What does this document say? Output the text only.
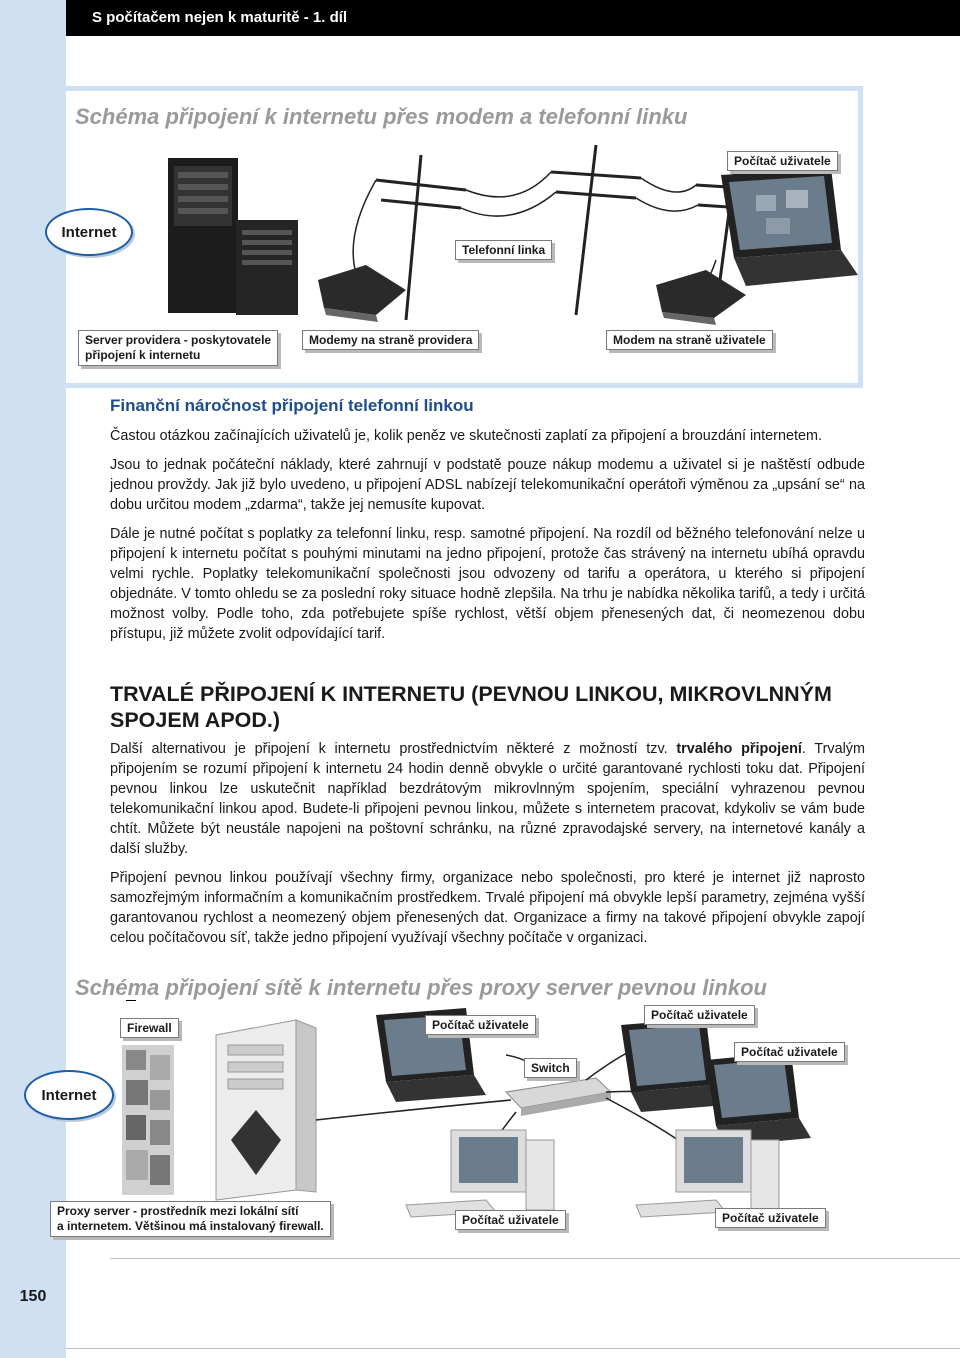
S počítačem nejen k maturitě - 1. díl
Schéma připojení k internetu přes modem a telefonní linku
Počítač uživatele
Internet
Telefonní linka
Server providera - poskytovatele
připojení k internetu
Modemy na straně providera	Modem na straně uživatele
Finanční náročnost připojení telefonní linkou

Častou otázkou začínajících uživatelů je, kolik peněz ve skutečnosti zaplatí za připojení a brouzdání internetem.

Jsou to jednak počáteční náklady, které zahrnují v podstatě pouze nákup modemu a uživatel si je naštěstí odbude jednou provždy. Jak již bylo uvedeno, u připojení ADSL nabízejí telekomunikační operátoři výměnou za „upsání se“ na dobu určitou modem „zdarma“, takže jej nemusíte kupovat.

Dále je nutné počítat s poplatky za telefonní linku, resp. samotné připojení. Na rozdíl od běžného telefonování nelze u připojení k internetu počítat s pouhými minutami na jedno připojení, protože čas strávený na internetu ubíhá opravdu velmi rychle. Poplatky telekomunikační společnosti jsou odvozeny od tarifu a operátora, u kterého si připojení objednáte. V tomto ohledu se za poslední roky situace hodně zlepšila. Na trhu je nabídka několika tarifů, a tedy i určitá možnost volby. Podle toho, zda potřebujete spíše rychlost, větší objem přenesených dat, či neomezenou dobu přístupu, již můžete zvolit odpovídající tarif.

TRVALÉ PŘIPOJENÍ K INTERNETU (PEVNOU LINKOU, MIKROVLNNÝM
SPOJEM APOD.)

Další alternativou je připojení k internetu prostřednictvím některé z možností tzv. trvalého připojení. Trvalým připojením se rozumí připojení k internetu 24 hodin denně obvykle o určité garantované rychlosti toku dat. Připojení pevnou linkou lze uskutečnit například bezdrátovým mikrovlnným spojením, speciální vyhrazenou pevnou telekomunikační linkou apod. Budete-li připojeni pevnou linkou, můžete s internetem pracovat, kdykoliv se vám bude chtít. Můžete být neustále napojeni na poštovní schránku, na různé zpravodajské servery, na internetové kanály a další služby.

Připojení pevnou linkou používají všechny firmy, organizace nebo společnosti, pro které je internet již naprosto samozřejmým informačním a komunikačním prostředkem. Trvalé připojení má obvykle lepší parametry, zejména vyšší garantovanou rychlost a neomezený objem přenesených dat. Organizace a firmy na takové připojení obvykle zapojí celou počítačovou síť, takže jedno připojení využívají všechny počítače v organizaci.

Schéma připojení sítě k internetu přes proxy server pevnou linkou
Firewall	Počítač uživatele
Počítač uživatele
Počítač uživatele
Switch
Internet
Proxy server - prostředník mezi lokální sítí
a internetem. Většinou má instalovaný firewall.	Počítač uživatele	Počítač uživatele
150
